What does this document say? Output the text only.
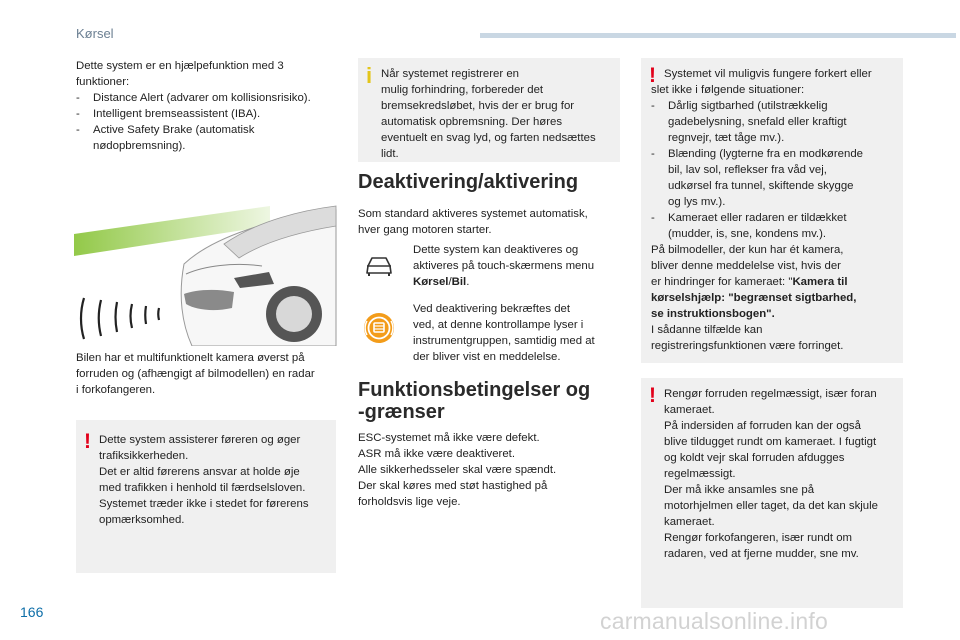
Kørsel
Dette system er en hjælpefunktion med 3
funktioner:
-	Distance Alert (advarer om kollisionsrisiko).
-	Intelligent bremseassistent (IBA).
-	Active Safety Brake (automatisk
nødopbremsning).
Bilen har et multifunktionelt kamera øverst på
forruden og (afhængigt af bilmodellen) en radar
i forkofangeren.
! Dette system assisterer føreren og øger
trafiksikkerheden.
Det er altid førerens ansvar at holde øje
med trafikken i henhold til færdselsloven.
Systemet træder ikke i stedet for førerens
opmærksomhed.
i Når systemet registrerer en
mulig forhindring, forbereder det
bremsekredsløbet, hvis der er brug for
automatisk opbremsning. Der høres
eventuelt en svag lyd, og farten nedsættes
lidt.
Deaktivering/aktivering
Som standard aktiveres systemet automatisk,
hver gang motoren starter.
Dette system kan deaktiveres og
aktiveres på touch-skærmens menu
Kørsel/Bil.
Ved deaktivering bekræftes det
ved, at denne kontrollampe lyser i
instrumentgruppen, samtidig med at
der bliver vist en meddelelse.
Funktionsbetingelser og
-grænser
ESC-systemet må ikke være defekt.
ASR må ikke være deaktiveret.
Alle sikkerhedsseler skal være spændt.
Der skal køres med støt hastighed på
forholdsvis lige veje.
! Systemet vil muligvis fungere forkert eller
slet ikke i følgende situationer:
-	Dårlig sigtbarhed (utilstrækkelig
gadebelysning, snefald eller kraftigt
regnvejr, tæt tåge mv.).
-	Blænding (lygterne fra en modkørende
bil, lav sol, reflekser fra våd vej,
udkørsel fra tunnel, skiftende skygge
og lys mv.).
-	Kameraet eller radaren er tildækket
(mudder, is, sne, kondens mv.).
På bilmodeller, der kun har ét kamera,
bliver denne meddelelse vist, hvis der
er hindringer for kameraet: "Kamera til
kørselshjælp: "begrænset sigtbarhed,
se instruktionsbogen".
I sådanne tilfælde kan
registreringsfunktionen være forringet.
! Rengør forruden regelmæssigt, især foran
kameraet.
På indersiden af forruden kan der også
blive tildugget rundt om kameraet. I fugtigt
og koldt vejr skal forruden afdugges
regelmæssigt.
Der må ikke ansamles sne på
motorhjelmen eller taget, da det kan skjule
kameraet.
Rengør forkofangeren, især rundt om
radaren, ved at fjerne mudder, sne mv.
166	carmanualsonline.info
